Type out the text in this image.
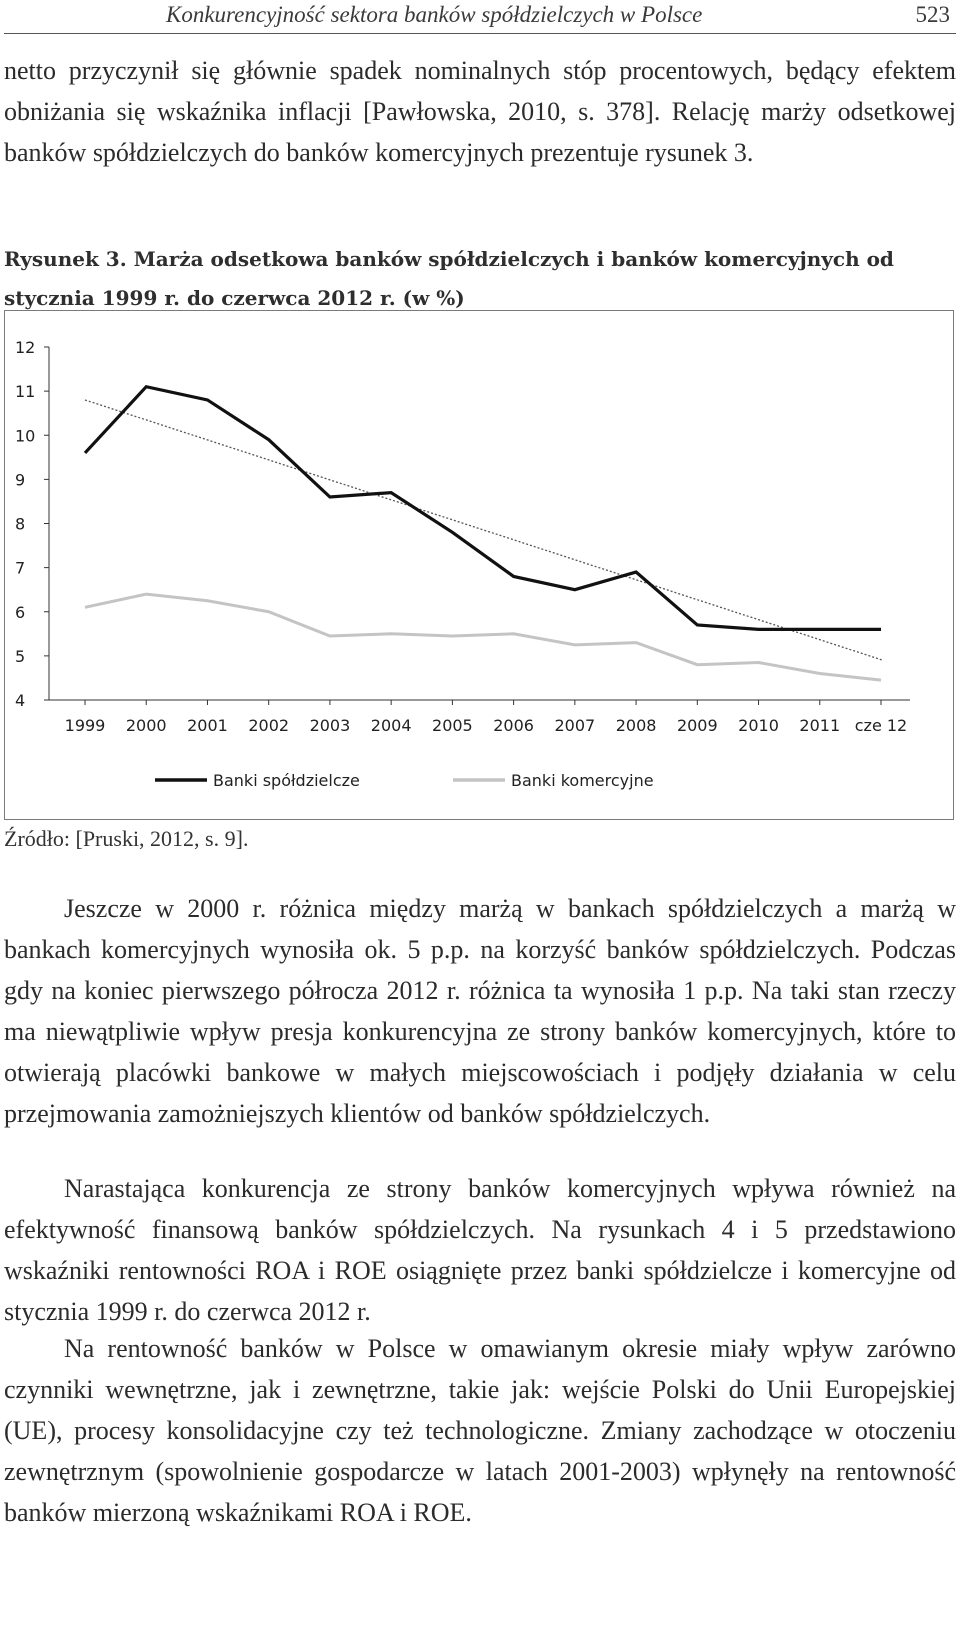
Konkurencyjność sektora banków spółdzielczych w Polsce	523

netto przyczynił się głównie spadek nominalnych stóp procentowych, będący efektem obniżania się wskaźnika inflacji [Pawłowska, 2010, s. 378]. Relację marży odsetkowej banków spółdzielczych do banków komercyjnych prezentuje rysunek 3.

Rysunek 3. Marża odsetkowa banków spółdzielczych i banków komercyjnych od stycznia 1999 r. do czerwca 2012 r. (w %)

4
5
6
7
8
9
10
11
12
1999 2000 2001 2002 2003 2004 2005 2006 2007 2008 2009 2010 2011 cze 12
Banki spółdzielcze	Banki komercyjne

Źródło: [Pruski, 2012, s. 9].

Jeszcze w 2000 r. różnica między marżą w bankach spółdzielczych a marżą w bankach komercyjnych wynosiła ok. 5 p.p. na korzyść banków spółdzielczych. Podczas gdy na koniec pierwszego półrocza 2012 r. różnica ta wynosiła 1 p.p. Na taki stan rzeczy ma niewątpliwie wpływ presja konkurencyjna ze strony banków komercyjnych, które to otwierają placówki bankowe w małych miejscowościach i podjęły działania w celu przejmowania zamożniejszych klientów od banków spółdzielczych.

Narastająca konkurencja ze strony banków komercyjnych wpływa również na efektywność finansową banków spółdzielczych. Na rysunkach 4 i 5 przedstawiono wskaźniki rentowności ROA i ROE osiągnięte przez banki spółdzielcze i komercyjne od stycznia 1999 r. do czerwca 2012 r.

Na rentowność banków w Polsce w omawianym okresie miały wpływ zarówno czynniki wewnętrzne, jak i zewnętrzne, takie jak: wejście Polski do Unii Europejskiej (UE), procesy konsolidacyjne czy też technologiczne. Zmiany zachodzące w otoczeniu zewnętrznym (spowolnienie gospodarcze w latach 2001-2003) wpłynęły na rentowność banków mierzoną wskaźnikami ROA i ROE.
